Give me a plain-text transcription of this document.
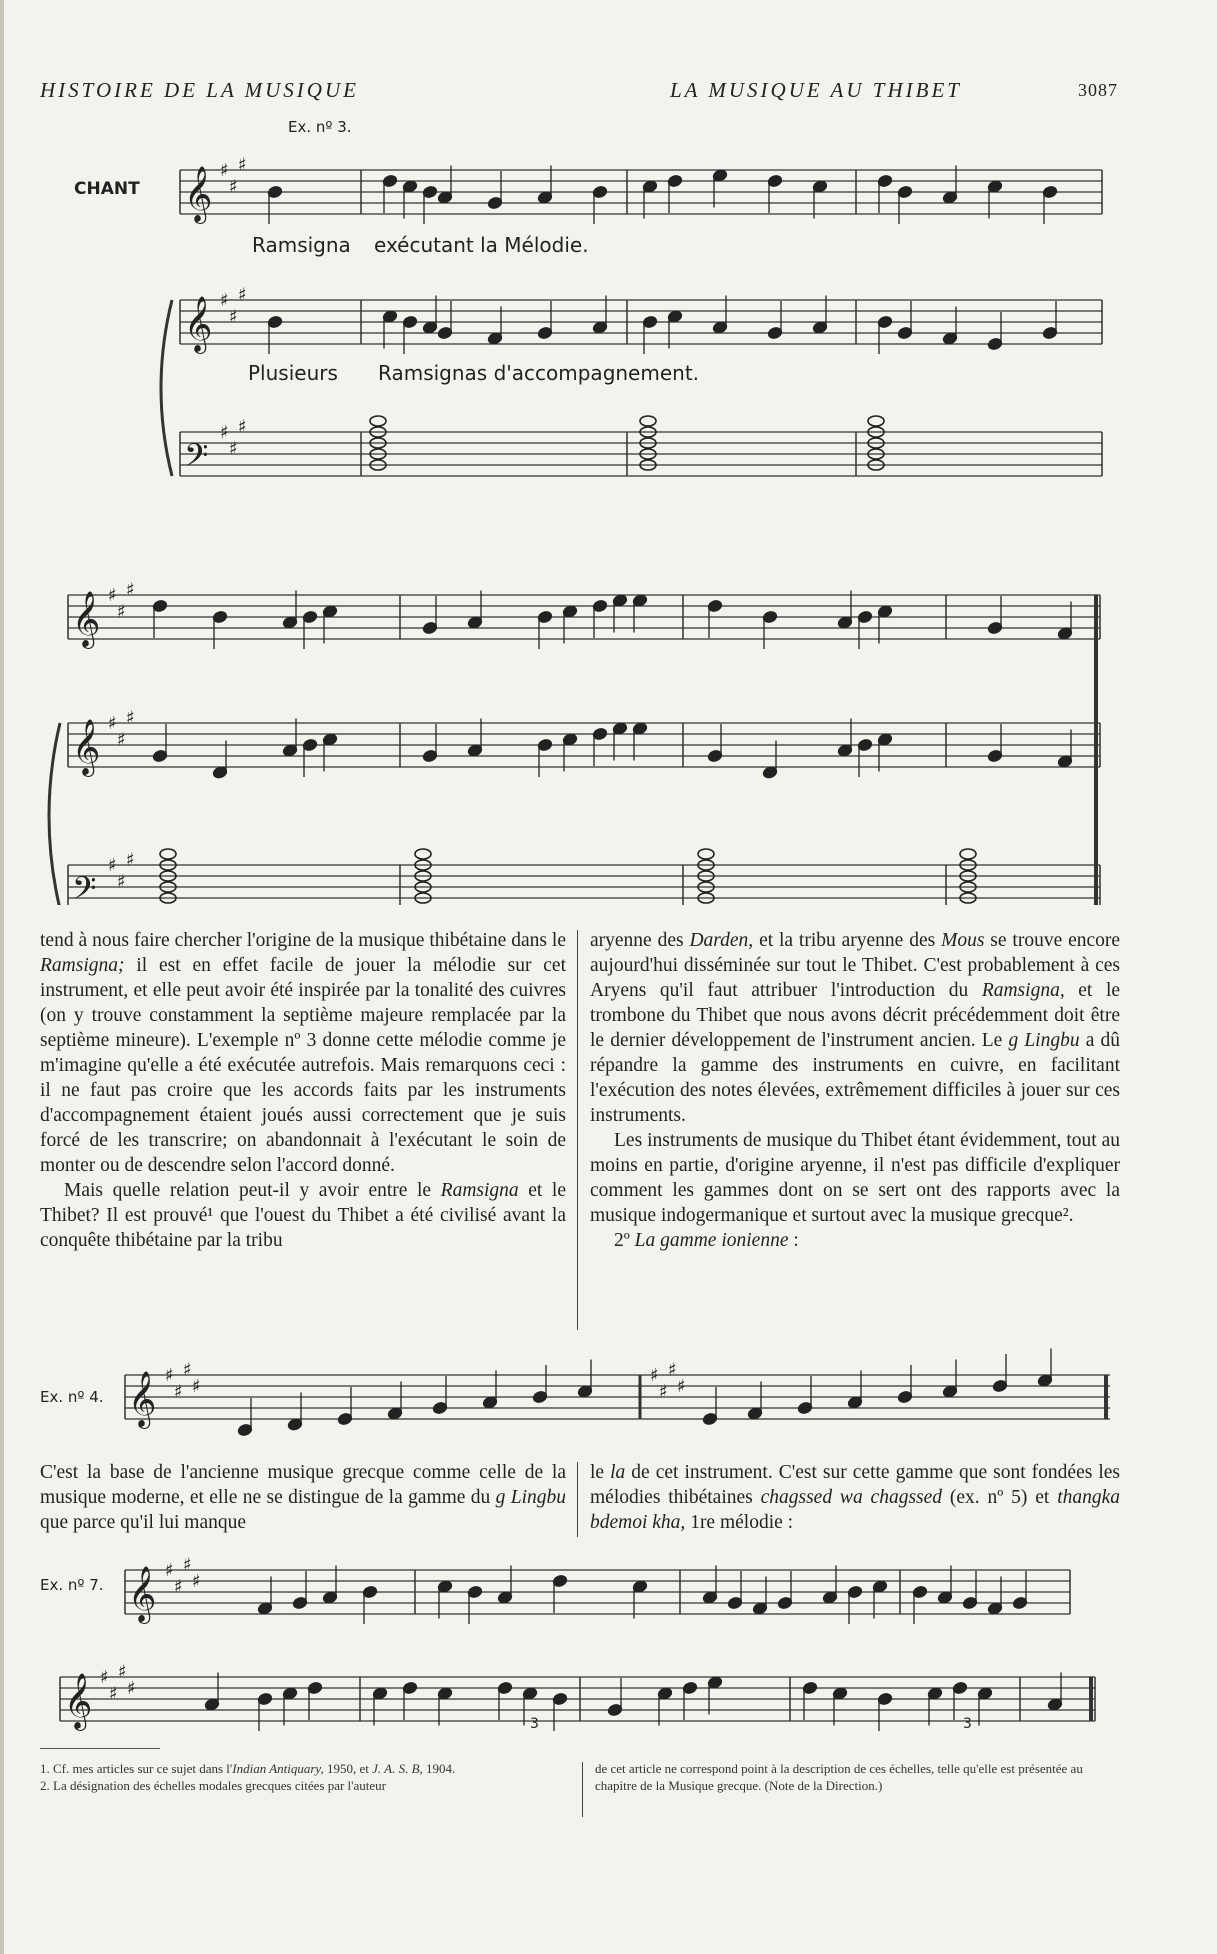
HISTOIRE DE LA MUSIQUE	LA MUSIQUE AU THIBET	3087
Ex. nº 3.
CHANT
Ramsigna exécutant la Mélodie.
Plusieurs Ramsignas d'accompagnement.
𝄞 ♯
♯
♯
𝄞 ♯
♯
♯
𝄢
♯
♯
♯
𝄞 ♯
♯
♯
𝄞 ♯
♯
♯
𝄢
♯
♯
♯

tend à nous faire chercher l'origine de la musique thibétaine dans le Ramsigna; il est en effet facile de jouer la mélodie sur cet instrument, et elle peut avoir été inspirée par la tonalité des cuivres (on y trouve constamment la septième majeure remplacée par la septième mineure). L'exemple nº 3 donne cette mélodie comme je m'imagine qu'elle a été exécutée autrefois. Mais remarquons ceci : il ne faut pas croire que les accords faits par les instruments d'accompagnement étaient joués aussi correctement que je suis forcé de les transcrire; on abandonnait à l'exécutant le soin de monter ou de descendre selon l'accord donné.

Mais quelle relation peut-il y avoir entre le Ramsigna et le Thibet? Il est prouvé¹ que l'ouest du Thibet a été civilisé avant la conquête thibétaine par la tribu

aryenne des Darden, et la tribu aryenne des Mous se trouve encore aujourd'hui disséminée sur tout le Thibet. C'est probablement à ces Aryens qu'il faut attribuer l'introduction du Ramsigna, et le trombone du Thibet que nous avons décrit précédemment doit être le dernier développement de l'instrument ancien. Le g Lingbu a dû répandre la gamme des instruments en cuivre, en facilitant l'exécution des notes élevées, extrêmement difficiles à jouer sur ces instruments.

Les instruments de musique du Thibet étant évidemment, tout au moins en partie, d'origine aryenne, il n'est pas difficile d'expliquer comment les gammes dont on se sert ont des rapports avec la musique indogermanique et surtout avec la musique grecque².

2º La gamme ionienne :

Ex. nº 4. 𝄞 ♯
♯
♯
♯
♯
♯
♯
♯

C'est la base de l'ancienne musique grecque comme celle de la musique moderne, et elle ne se distingue de la gamme du g Lingbu que parce qu'il lui manque

le la de cet instrument. C'est sur cette gamme que sont fondées les mélodies thibétaines chagssed wa chagssed (ex. nº 5) et thangka bdemoi kha, 1re mélodie :

Ex. nº 7.
3	3
𝄞 ♯
♯
♯
♯
𝄞 ♯
♯
♯
♯

1. Cf. mes articles sur ce sujet dans l'Indian Antiquary, 1950, et J. A. S. B, 1904.

2. La désignation des échelles modales grecques citées par l'auteur

de cet article ne correspond point à la description de ces échelles, telle qu'elle est présentée au chapitre de la Musique grecque. (Note de la Direction.)
